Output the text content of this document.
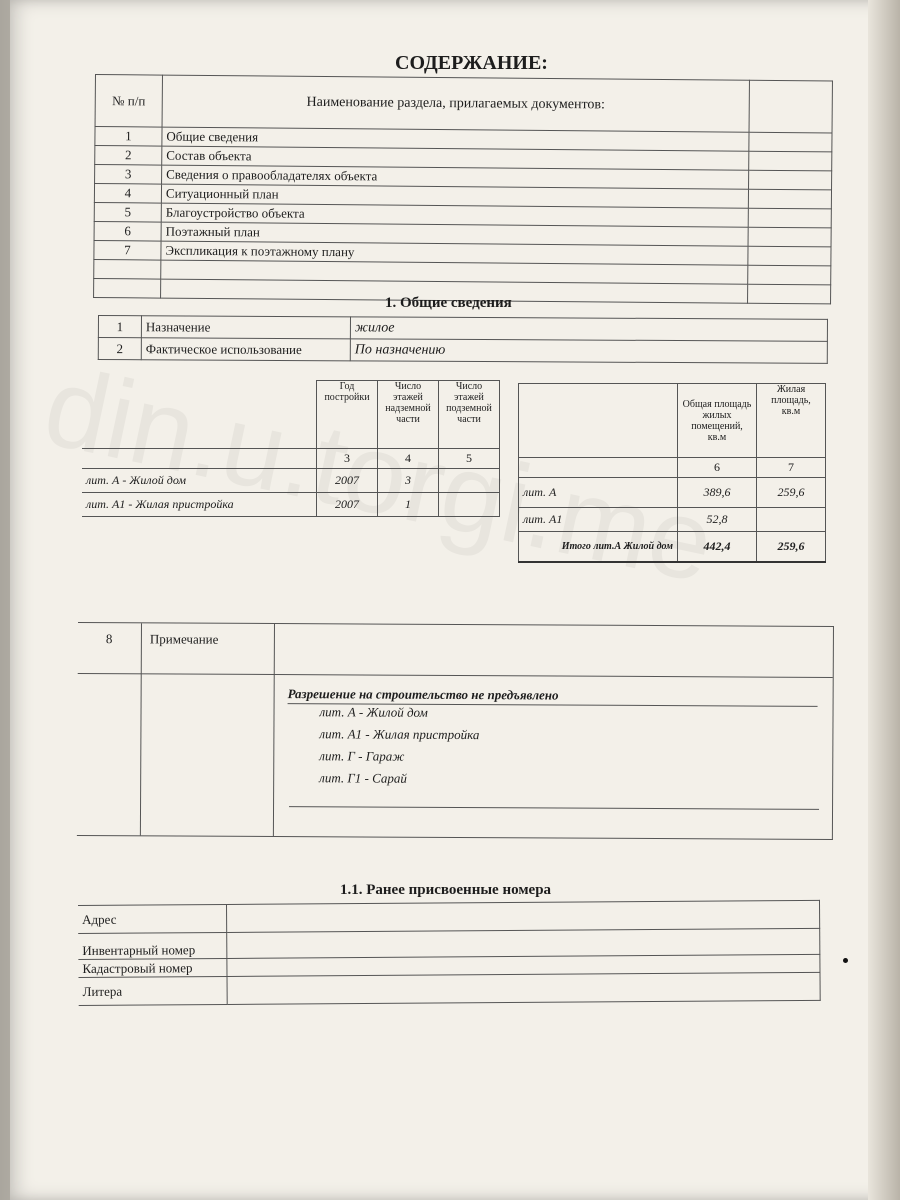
СОДЕРЖАНИЕ:
№ п/п	Наименование раздела, прилагаемых документов:	
1	Общие сведения	
2	Состав объекта	
3	Сведения о правообладателях объекта	
4	Ситуационный план	
5	Благоустройство объекта	
6	Поэтажный план	
7	Экспликация к поэтажному плану	

1. Общие сведения
1	Назначение	жилое
2	Фактическое использование	По назначению
	Год постройки	Число этажей надземной части	Число этажей подземной части
	3	4	5
лит. А - Жилой дом	2007	3	
лит. А1 - Жилая пристройка	2007	1	
	Общая площадь жилых помещений, кв.м	Жилая площадь, кв.м
	6	7
лит. А	389,6	259,6
лит. А1	52,8	
Итого лит.А Жилой дом	442,4	259,6
8	Примечание
Разрешение на строительство не предъявлено
лит. А - Жилой дом
лит. А1 - Жилая пристройка
лит. Г - Гараж
лит. Г1 - Сарай
1.1. Ранее присвоенные номера
Адрес	
Инвентарный номер	
Кадастровый номер	
Литера	
